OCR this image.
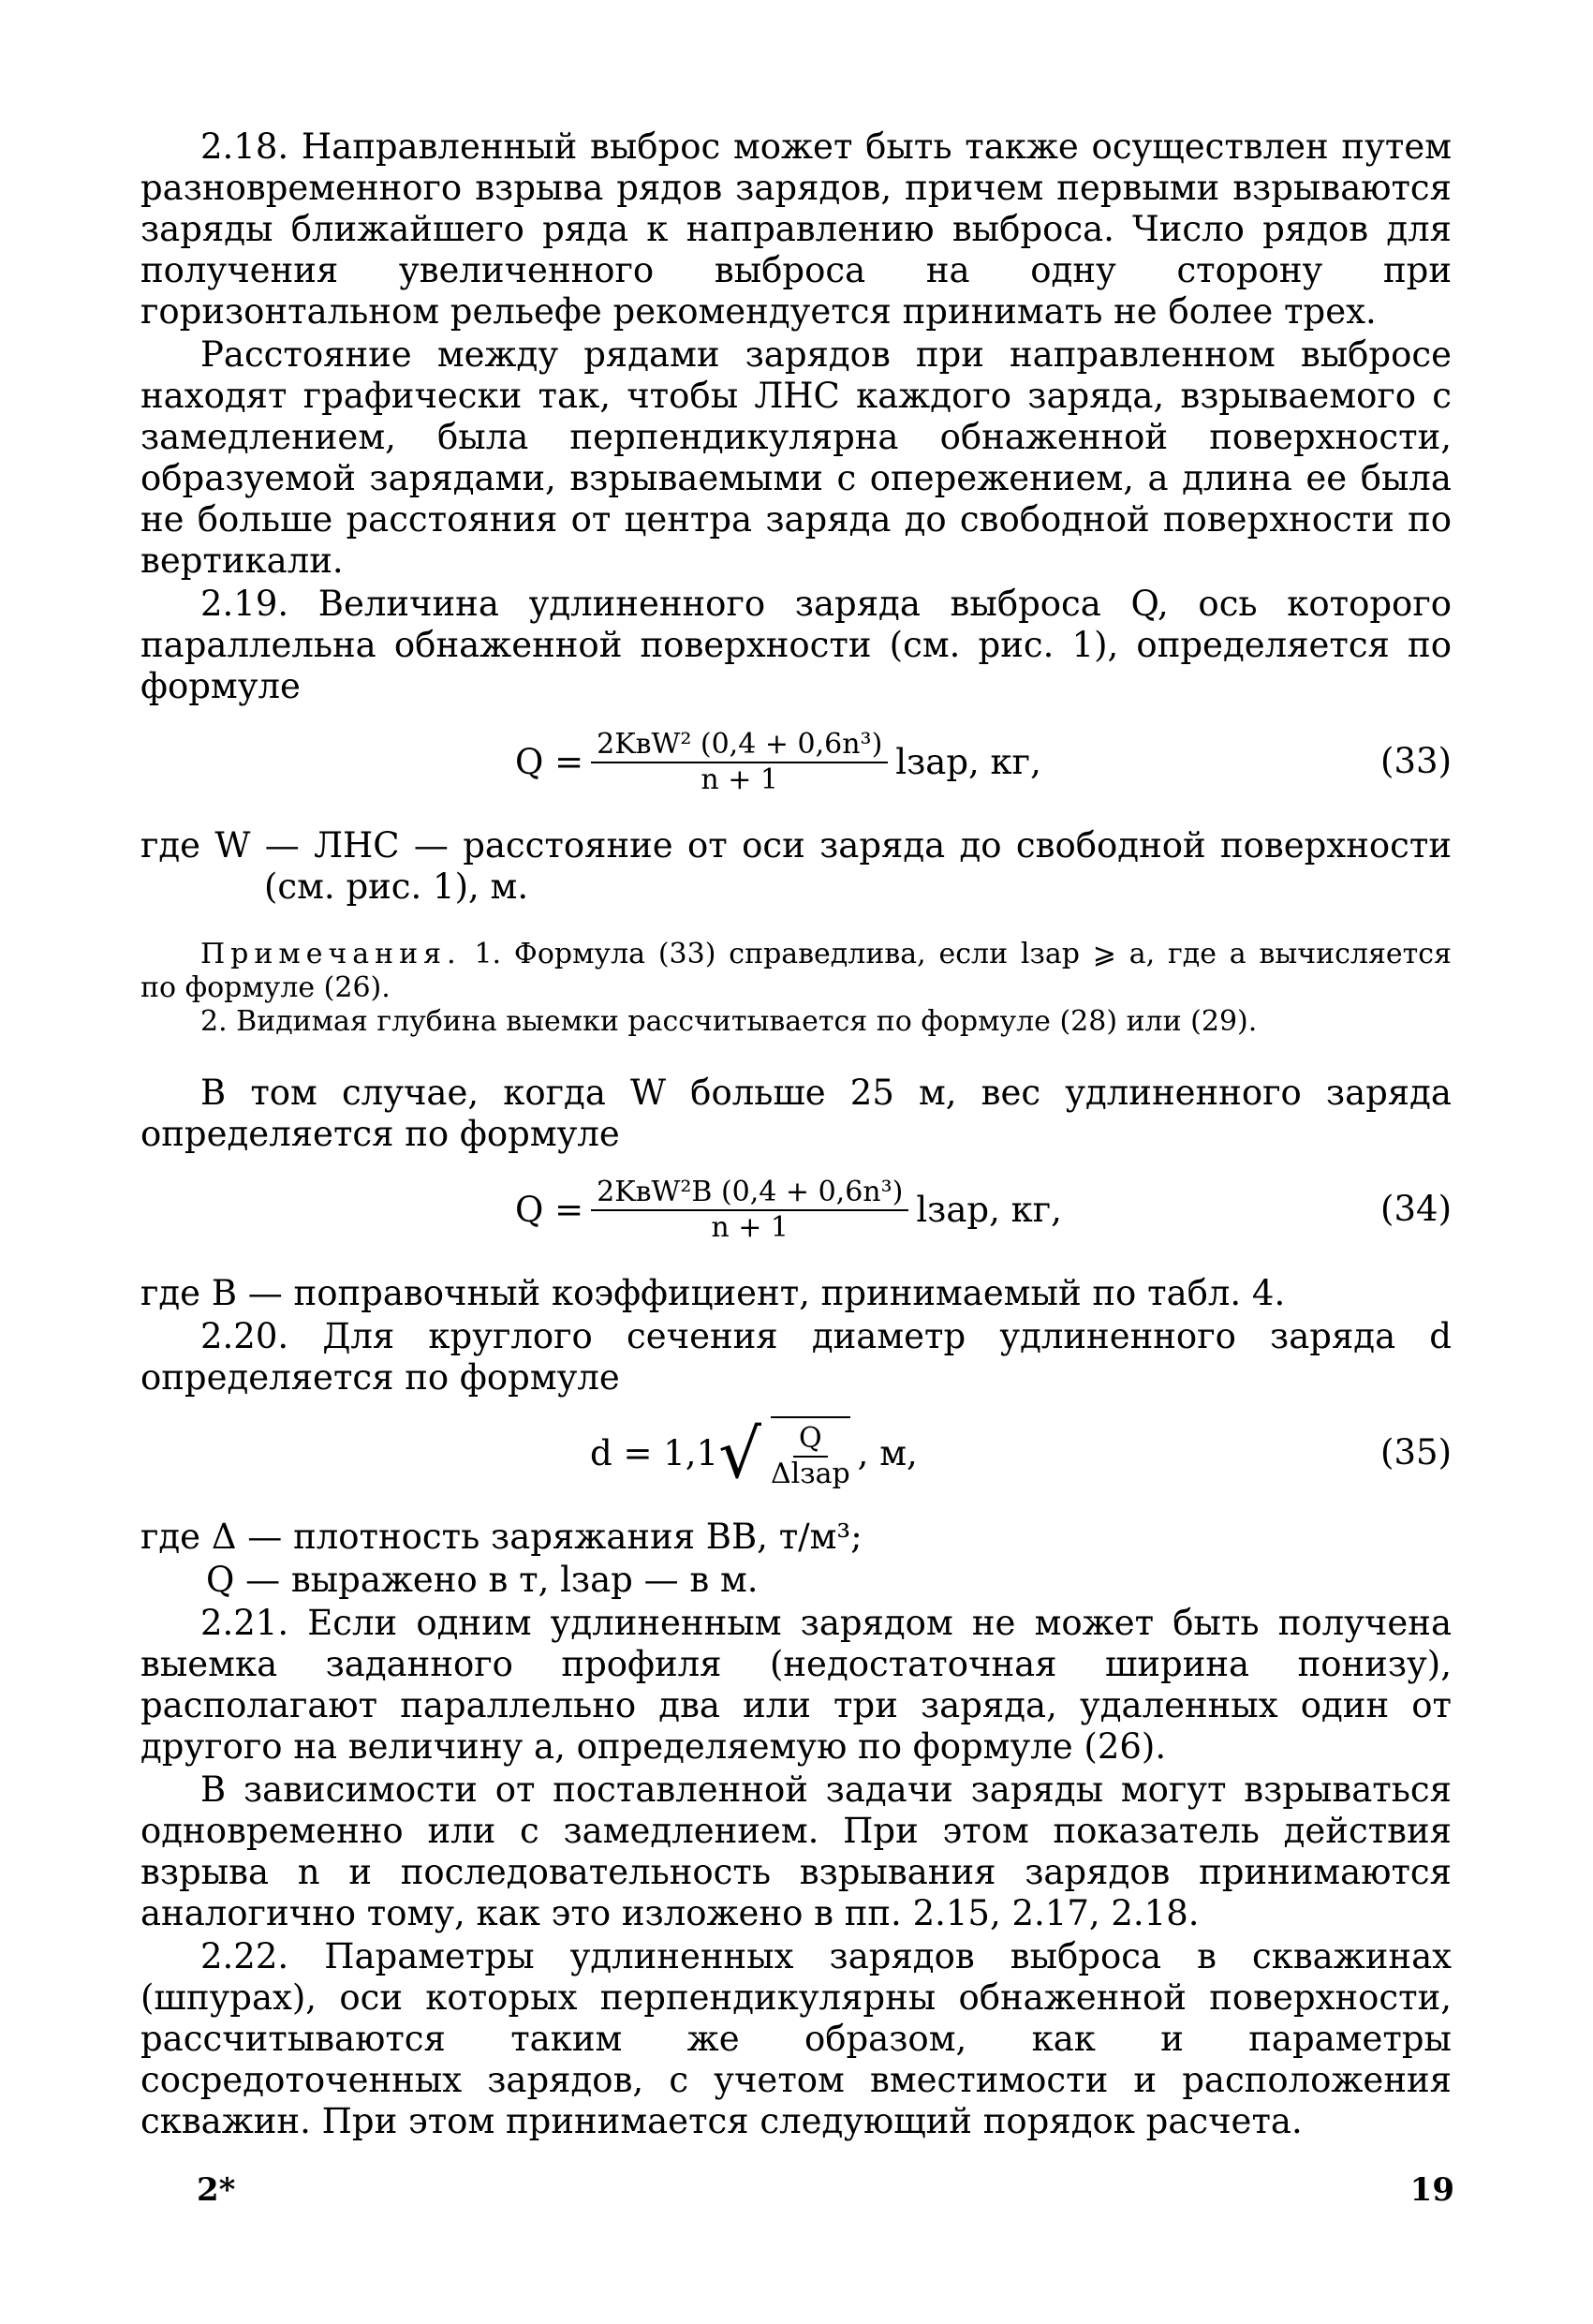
2.18. Направленный выброс может быть также осуществлен путем разновременного взрыва рядов зарядов, причем первыми взрываются заряды ближайшего ряда к направлению выброса. Число рядов для получения увеличенного выброса на одну сторону при горизонтальном рельефе рекомендуется принимать не более трех.

Расстояние между рядами зарядов при направленном выбросе находят графически так, чтобы ЛНС каждого заряда, взрываемого с замедлением, была перпендикулярна обнаженной поверхности, образуемой зарядами, взрываемыми с опережением, а длина ее была не больше расстояния от центра заряда до свободной поверхности по вертикали.

2.19. Величина удлиненного заряда выброса Q, ось которого параллельна обнаженной поверхности (см. рис. 1), определяется по формуле

$Q = \frac{\text{2KвW² (0,4 + 0,6n³)}}{n + 1}$ lзар, кг,	(33)

где W — ЛНС — расстояние от оси заряда до свободной поверхности (см. рис. 1), м.

Примечания. 1. Формула (33) справедлива, если lзар ⩾ a, где a вычисляется по формуле (26).

2. Видимая глубина выемки рассчитывается по формуле (28) или (29).

В том случае, когда W больше 25 м, вес удлиненного заряда определяется по формуле

$Q = \frac{\text{2KвW²B (0,4 + 0,6n³)}}{n + 1}$ lзар, кг,	(34)

где B — поправочный коэффициент, принимаемый по табл. 4.

2.20. Для круглого сечения диаметр удлиненного заряда d определяется по формуле

d = 1,1 √ $\frac{Q}{\text{Δlзар}}$ , м,	(35)

где Δ — плотность заряжания ВВ, т/м³;

Q — выражено в т, lзар — в м.

2.21. Если одним удлиненным зарядом не может быть получена выемка заданного профиля (недостаточная ширина понизу), располагают параллельно два или три заряда, удаленных один от другого на величину a, определяемую по формуле (26).

В зависимости от поставленной задачи заряды могут взрываться одновременно или с замедлением. При этом показатель действия взрыва n и последовательность взрывания зарядов принимаются аналогично тому, как это изложено в пп. 2.15, 2.17, 2.18.

2.22. Параметры удлиненных зарядов выброса в скважинах (шпурах), оси которых перпендикулярны обнаженной поверхности, рассчитываются таким же образом, как и параметры сосредоточенных зарядов, с учетом вместимости и расположения скважин. При этом принимается следующий порядок расчета.

2*	19
